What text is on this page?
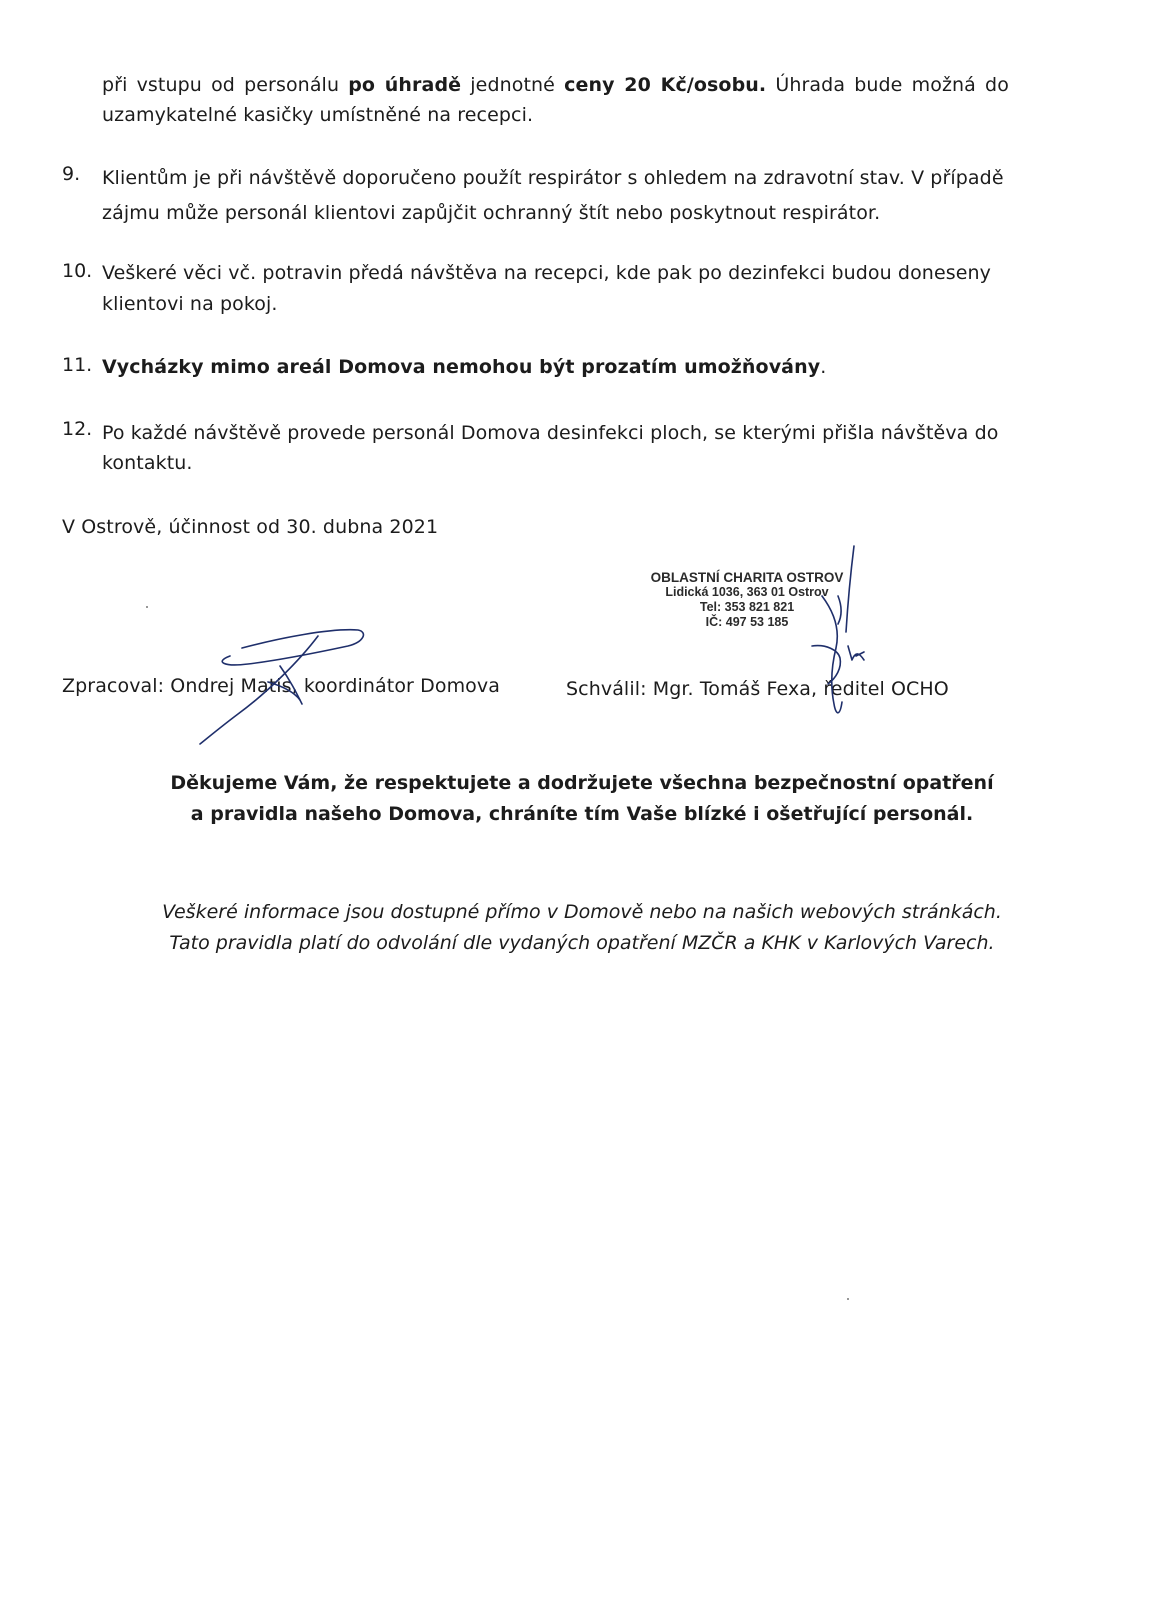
při vstupu od personálu po úhradě jednotné ceny 20 Kč/osobu. Úhrada bude možná do
uzamykatelné kasičky umístněné na recepci.
9. Klientům je při návštěvě doporučeno použít respirátor s ohledem na zdravotní stav. V případě
zájmu může personál klientovi zapůjčit ochranný štít nebo poskytnout respirátor.
10. Veškeré věci vč. potravin předá návštěva na recepci, kde pak po dezinfekci budou doneseny
klientovi na pokoj.
11. Vycházky mimo areál Domova nemohou být prozatím umožňovány.
12. Po každé návštěvě provede personál Domova desinfekci ploch, se kterými přišla návštěva do
kontaktu.
V Ostrově, účinnost od 30. dubna 2021
OBLASTNÍ CHARITA OSTROV
Lidická 1036, 363 01 Ostrov
Tel: 353 821 821
IČ: 497 53 185
Zpracoval: Ondrej Matis, koordinátor Domova	Schválil: Mgr. Tomáš Fexa, ředitel OCHO
Děkujeme Vám, že respektujete a dodržujete všechna bezpečnostní opatření
a pravidla našeho Domova, chráníte tím Vaše blízké i ošetřující personál.
Veškeré informace jsou dostupné přímo v Domově nebo na našich webových stránkách.
Tato pravidla platí do odvolání dle vydaných opatření MZČR a KHK v Karlových Varech.
